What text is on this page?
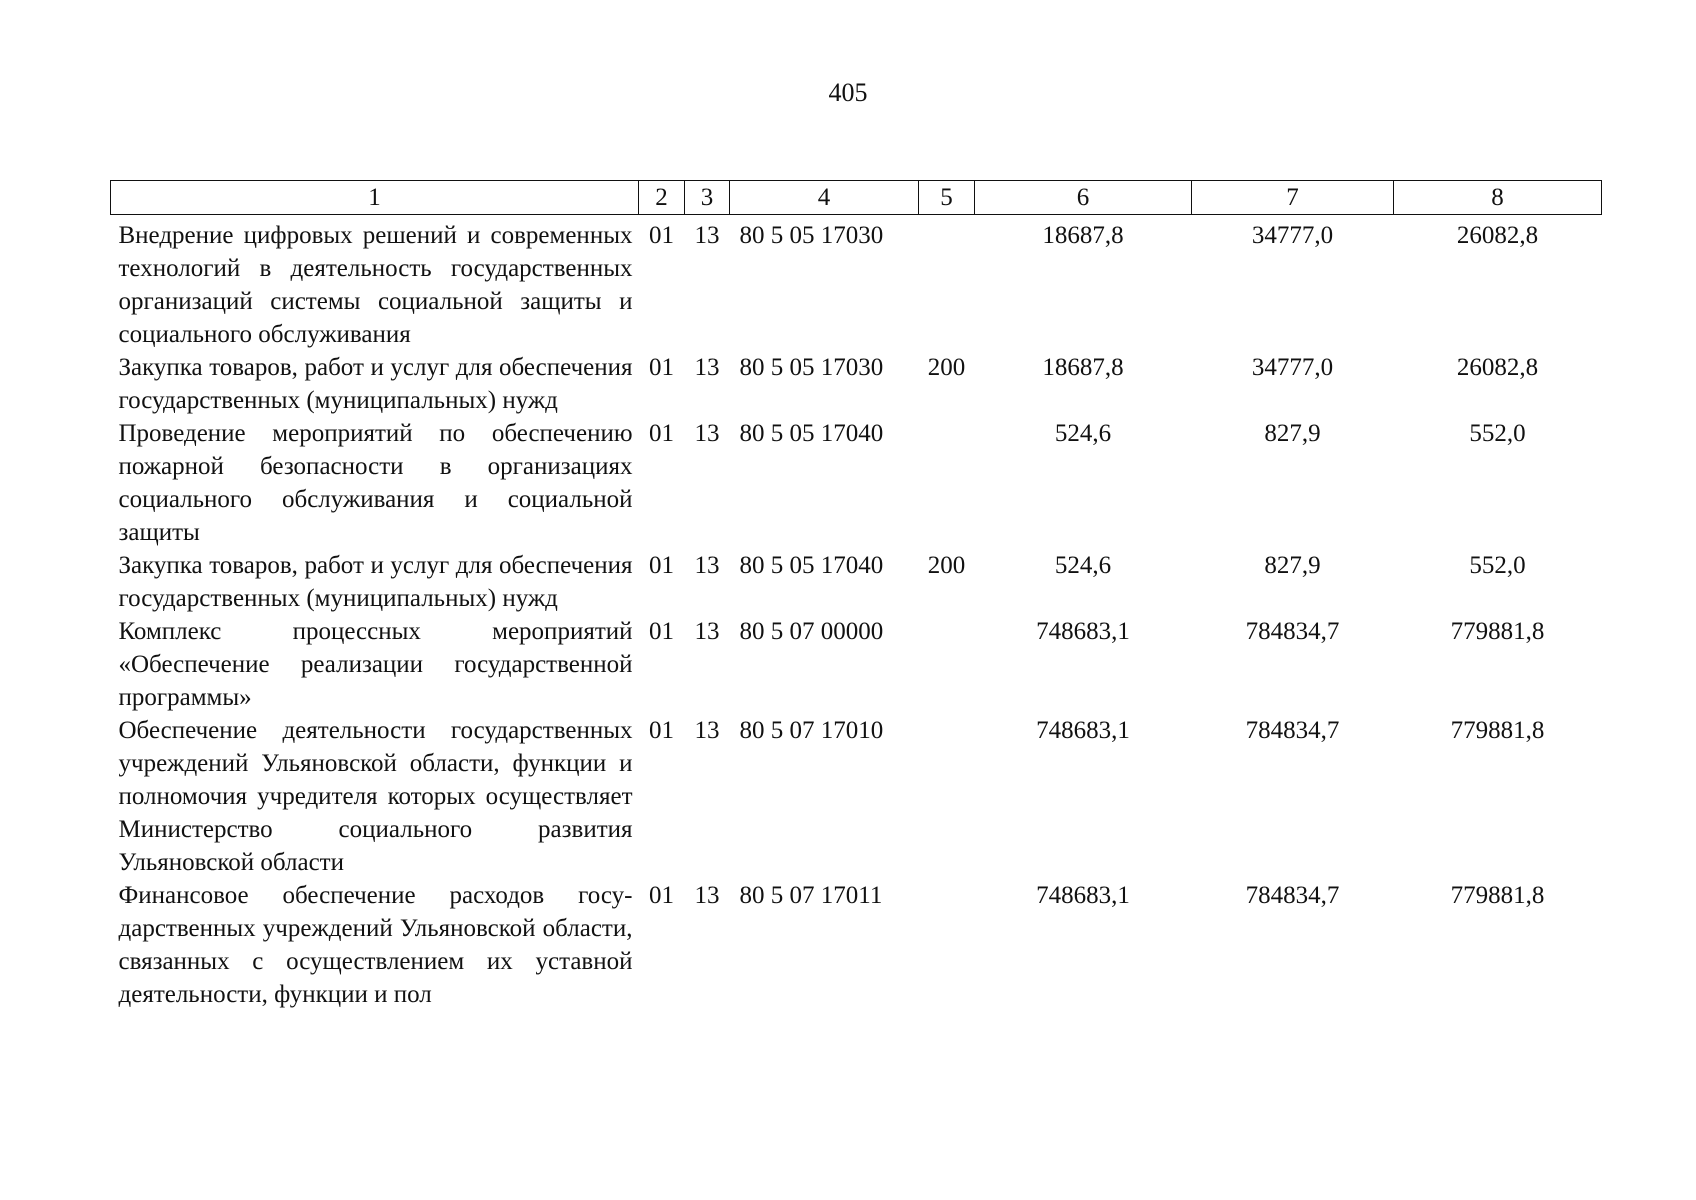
405
1	2	3	4	5	6	7	8
Внедрение цифровых решений и современных технологий в деятельность государственных организаций системы социальной защиты и социального обслуживания	01	13	80 5 05 17030		18687,8	34777,0	26082,8
Закупка товаров, работ и услуг для обеспечения государственных (муниципальных) нужд	01	13	80 5 05 17030	200	18687,8	34777,0	26082,8
Проведение мероприятий по обеспечению пожарной безопасности в организациях социального обслуживания и социальной защиты	01	13	80 5 05 17040		524,6	827,9	552,0
Закупка товаров, работ и услуг для обеспечения государственных (муниципальных) нужд	01	13	80 5 05 17040	200	524,6	827,9	552,0
Комплекс процессных мероприятий «Обеспечение реализации государственной программы»	01	13	80 5 07 00000		748683,1	784834,7	779881,8
Обеспечение деятельности государственных учреждений Ульяновской области, функции и полномочия учредителя которых осуществляет Министерство социального развития Ульяновской области	01	13	80 5 07 17010		748683,1	784834,7	779881,8
Финансовое обеспечение расходов государственных учреждений Ульяновской области, связанных с осуществлением их уставной деятельности, функции и пол	01	13	80 5 07 17011		748683,1	784834,7	779881,8
